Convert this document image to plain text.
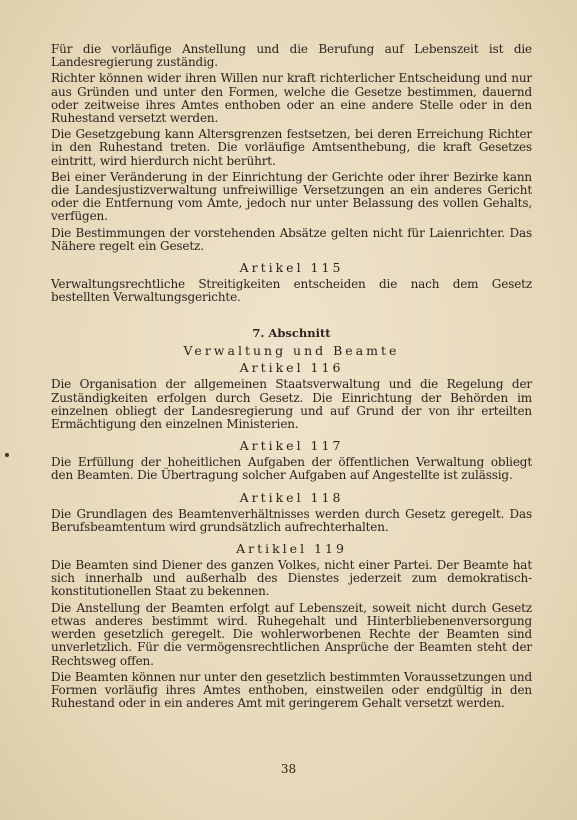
Für die vorläufige Anstellung und die Berufung auf Lebenszeit ist die Landesregierung zuständig.

Richter können wider ihren Willen nur kraft richterlicher Entscheidung und nur aus Gründen und unter den Formen, welche die Gesetze bestimmen, dauernd oder zeitweise ihres Amtes enthoben oder an eine andere Stelle oder in den Ruhestand versetzt werden.

Die Gesetzgebung kann Altersgrenzen festsetzen, bei deren Erreichung Richter in den Ruhestand treten. Die vorläufige Amtsenthebung, die kraft Gesetzes eintritt, wird hierdurch nicht berührt.

Bei einer Veränderung in der Einrichtung der Gerichte oder ihrer Bezirke kann die Landesjustizverwaltung unfreiwillige Versetzungen an ein anderes Gericht oder die Entfernung vom Amte, jedoch nur unter Belassung des vollen Gehalts, verfügen.

Die Bestimmungen der vorstehenden Absätze gelten nicht für Laienrichter. Das Nähere regelt ein Gesetz.

Artikel 115

Verwaltungsrechtliche Streitigkeiten entscheiden die nach dem Gesetz bestellten Verwaltungsgerichte.

7. Abschnitt
Verwaltung und Beamte
Artikel 116

Die Organisation der allgemeinen Staatsverwaltung und die Regelung der Zuständigkeiten erfolgen durch Gesetz. Die Einrichtung der Behörden im einzelnen obliegt der Landesregierung und auf Grund der von ihr erteilten Ermächtigung den einzelnen Ministerien.

Artikel 117

Die Erfüllung der hoheitlichen Aufgaben der öffentlichen Verwaltung obliegt den Beamten. Die Übertragung solcher Aufgaben auf Angestellte ist zulässig.

Artikel 118

Die Grundlagen des Beamtenverhältnisses werden durch Gesetz geregelt. Das Berufsbeamtentum wird grundsätzlich aufrechterhalten.

Artiklel 119

Die Beamten sind Diener des ganzen Volkes, nicht einer Partei. Der Beamte hat sich innerhalb und außerhalb des Dienstes jederzeit zum demokratisch-konstitutionellen Staat zu bekennen.

Die Anstellung der Beamten erfolgt auf Lebenszeit, soweit nicht durch Gesetz etwas anderes bestimmt wird. Ruhegehalt und Hinterbliebenenversorgung werden gesetzlich geregelt. Die wohlerworbenen Rechte der Beamten sind unverletzlich. Für die vermögensrechtlichen Ansprüche der Beamten steht der Rechtsweg offen.

Die Beamten können nur unter den gesetzlich bestimmten Voraussetzungen und Formen vorläufig ihres Amtes enthoben, einstweilen oder endgültig in den Ruhestand oder in ein anderes Amt mit geringerem Gehalt versetzt werden.

38
